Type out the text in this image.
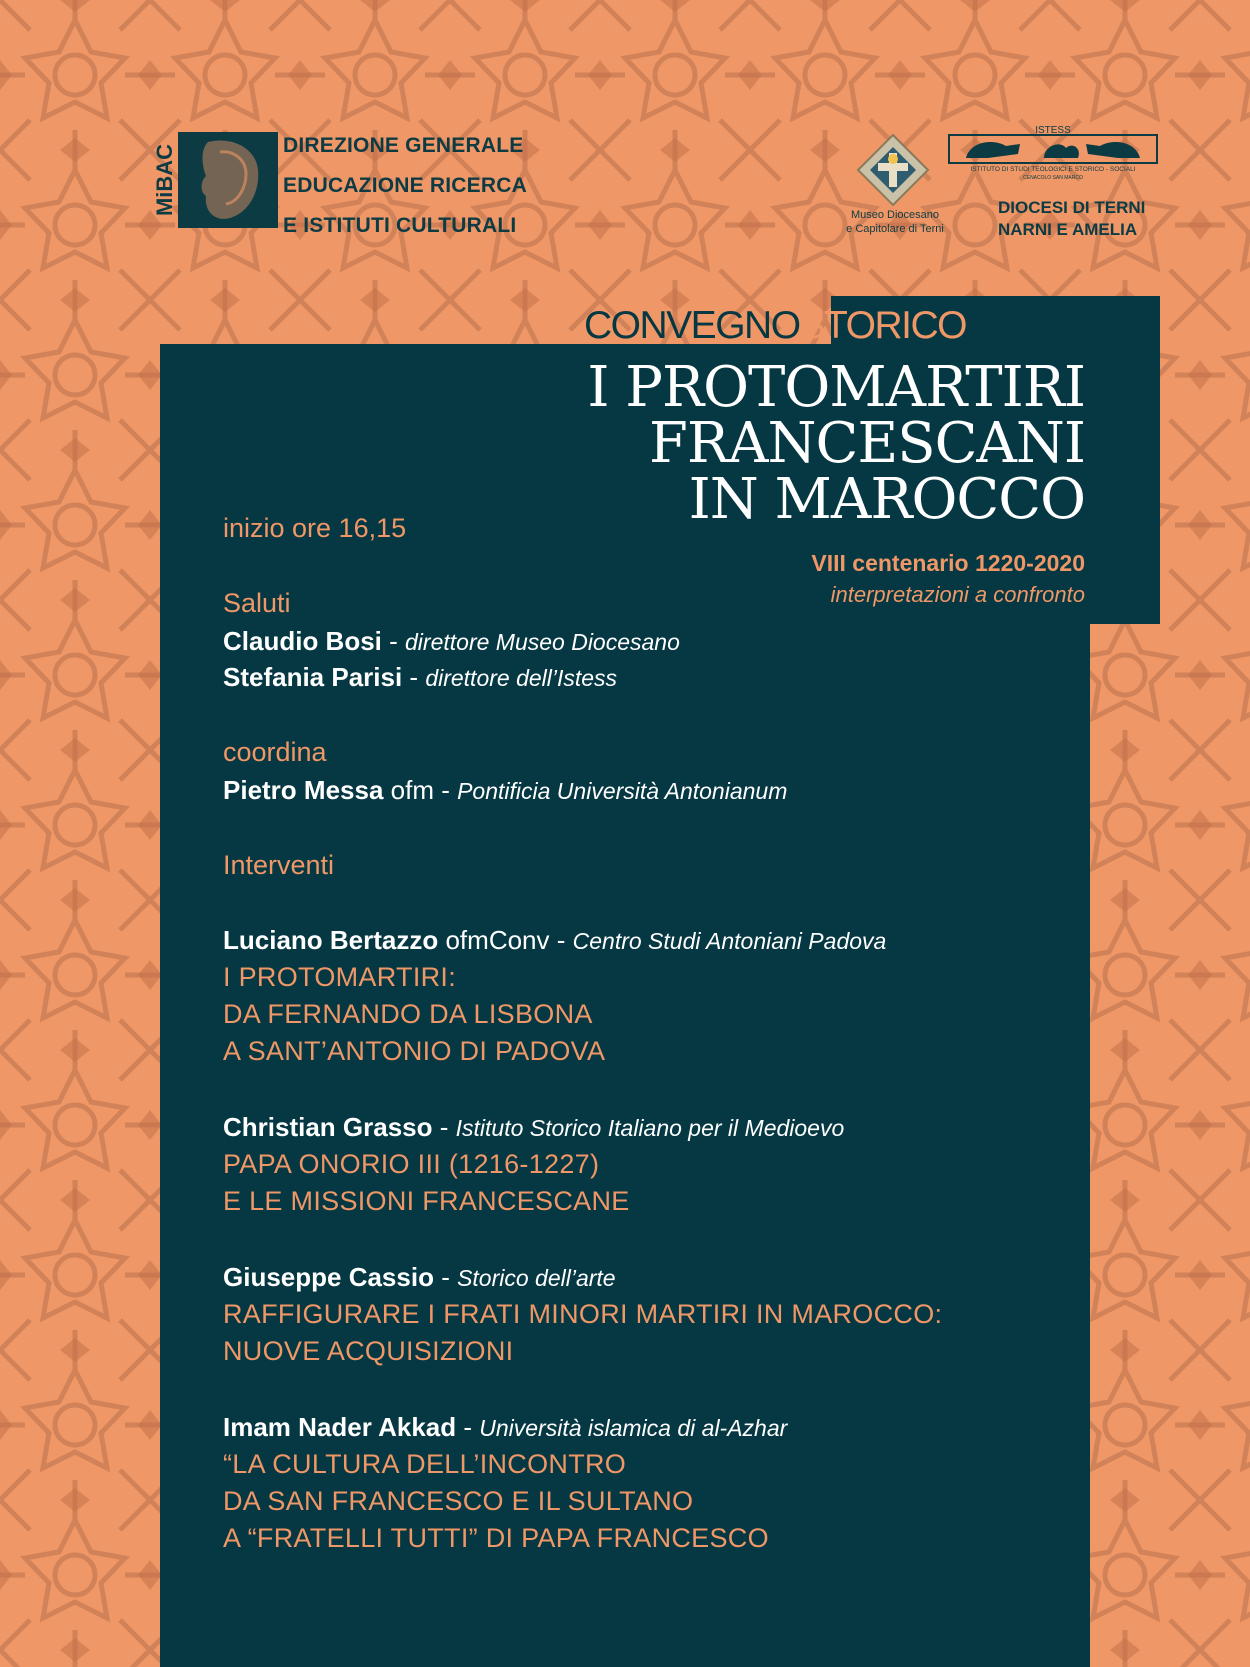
MiBAC	DIREZIONE GENERALE
EDUCAZIONE RICERCA
E ISTITUTI CULTURALI	Museo Diocesano
e Capitolare di Terni
ISTESS
ISTITUTO DI STUDI TEOLOGICI E STORICO - SOCIALI
CENACOLO SAN MARCO
DIOCESI DI TERNI
NARNI E AMELIA
CONVEGNOSTORICO
I PROTOMARTIRI
FRANCESCANI
IN MAROCCO
VIII centenario 1220-2020
interpretazioni a confronto
inizio ore 16,15
Saluti
Claudio Bosi - direttore Museo Diocesano
Stefania Parisi - direttore dell’Istess
coordina
Pietro Messa ofm - Pontificia Università Antonianum
Interventi
Luciano Bertazzo ofmConv - Centro Studi Antoniani Padova
I PROTOMARTIRI:
DA FERNANDO DA LISBONA
A SANT’ANTONIO DI PADOVA
Christian Grasso - Istituto Storico Italiano per il Medioevo
PAPA ONORIO III (1216-1227)
E LE MISSIONI FRANCESCANE
Giuseppe Cassio - Storico dell’arte
RAFFIGURARE I FRATI MINORI MARTIRI IN MAROCCO:
NUOVE ACQUISIZIONI
Imam Nader Akkad - Università islamica di al-Azhar
“LA CULTURA DELL’INCONTRO
DA SAN FRANCESCO E IL SULTANO
A “FRATELLI TUTTI” DI PAPA FRANCESCO
